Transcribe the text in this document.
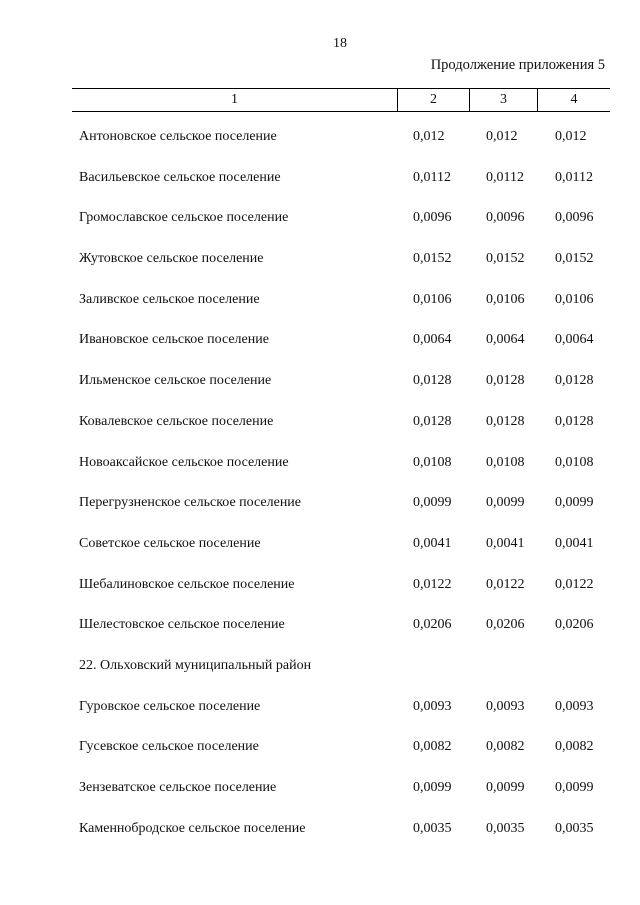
18
Продолжение приложения 5
1	2	3	4
Антоновское сельское поселение	0,012	0,012	0,012
Васильевское сельское поселение	0,0112	0,0112 0,0112
Громославское сельское поселение	0,0096 0,0096 0,0096
Жутовское сельское поселение	0,0152 0,0152 0,0152
Заливское сельское поселение	0,0106 0,0106 0,0106
Ивановское сельское поселение	0,0064 0,0064 0,0064
Ильменское сельское поселение	0,0128 0,0128 0,0128
Ковалевское сельское поселение	0,0128 0,0128 0,0128
Новоаксайское сельское поселение	0,0108 0,0108 0,0108
Перегрузненское сельское поселение	0,0099 0,0099 0,0099
Советское сельское поселение	0,0041 0,0041 0,0041
Шебалиновское сельское поселение	0,0122 0,0122 0,0122
Шелестовское сельское поселение	0,0206 0,0206 0,0206
22. Ольховский муниципальный район
Гуровское сельское поселение	0,0093 0,0093 0,0093
Гусевское сельское поселение	0,0082 0,0082 0,0082
Зензеватское сельское поселение	0,0099 0,0099 0,0099
Каменнобродское сельское поселение	0,0035 0,0035 0,0035
